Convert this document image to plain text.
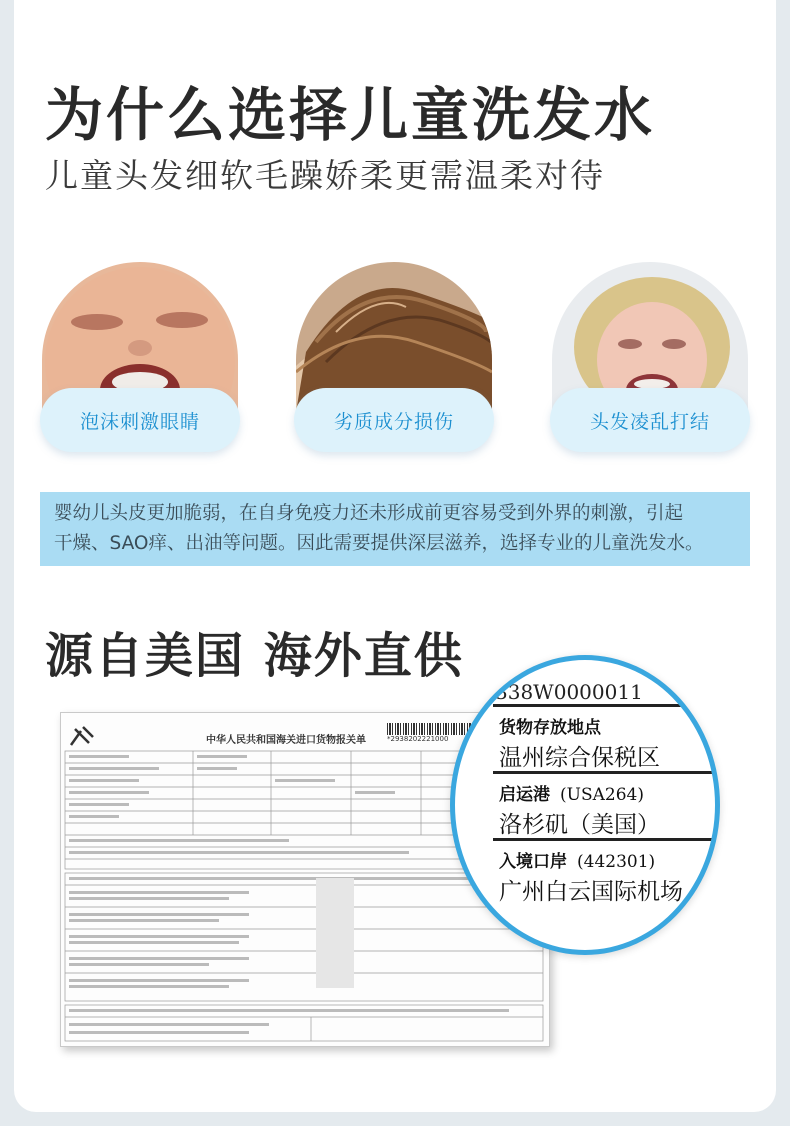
为什么选择儿童洗发水

儿童头发细软毛躁娇柔更需温柔对待

泡沫刺激眼睛	劣质成分损伤	头发凌乱打结

婴幼儿头皮更加脆弱，在自身免疫力还未形成前更容易受到外界的刺激，引起

干燥、SAO痒、出油等问题。因此需要提供深层滋养，选择专业的儿童洗发水。

源自美国 海外直供
中华人民共和国海关进口货物报关单	*2938202221000
338W0000011
货物存放地点
温州综合保税区
启运港 (USA264)
洛杉矶（美国）
入境口岸 (442301)
广州白云国际机场
